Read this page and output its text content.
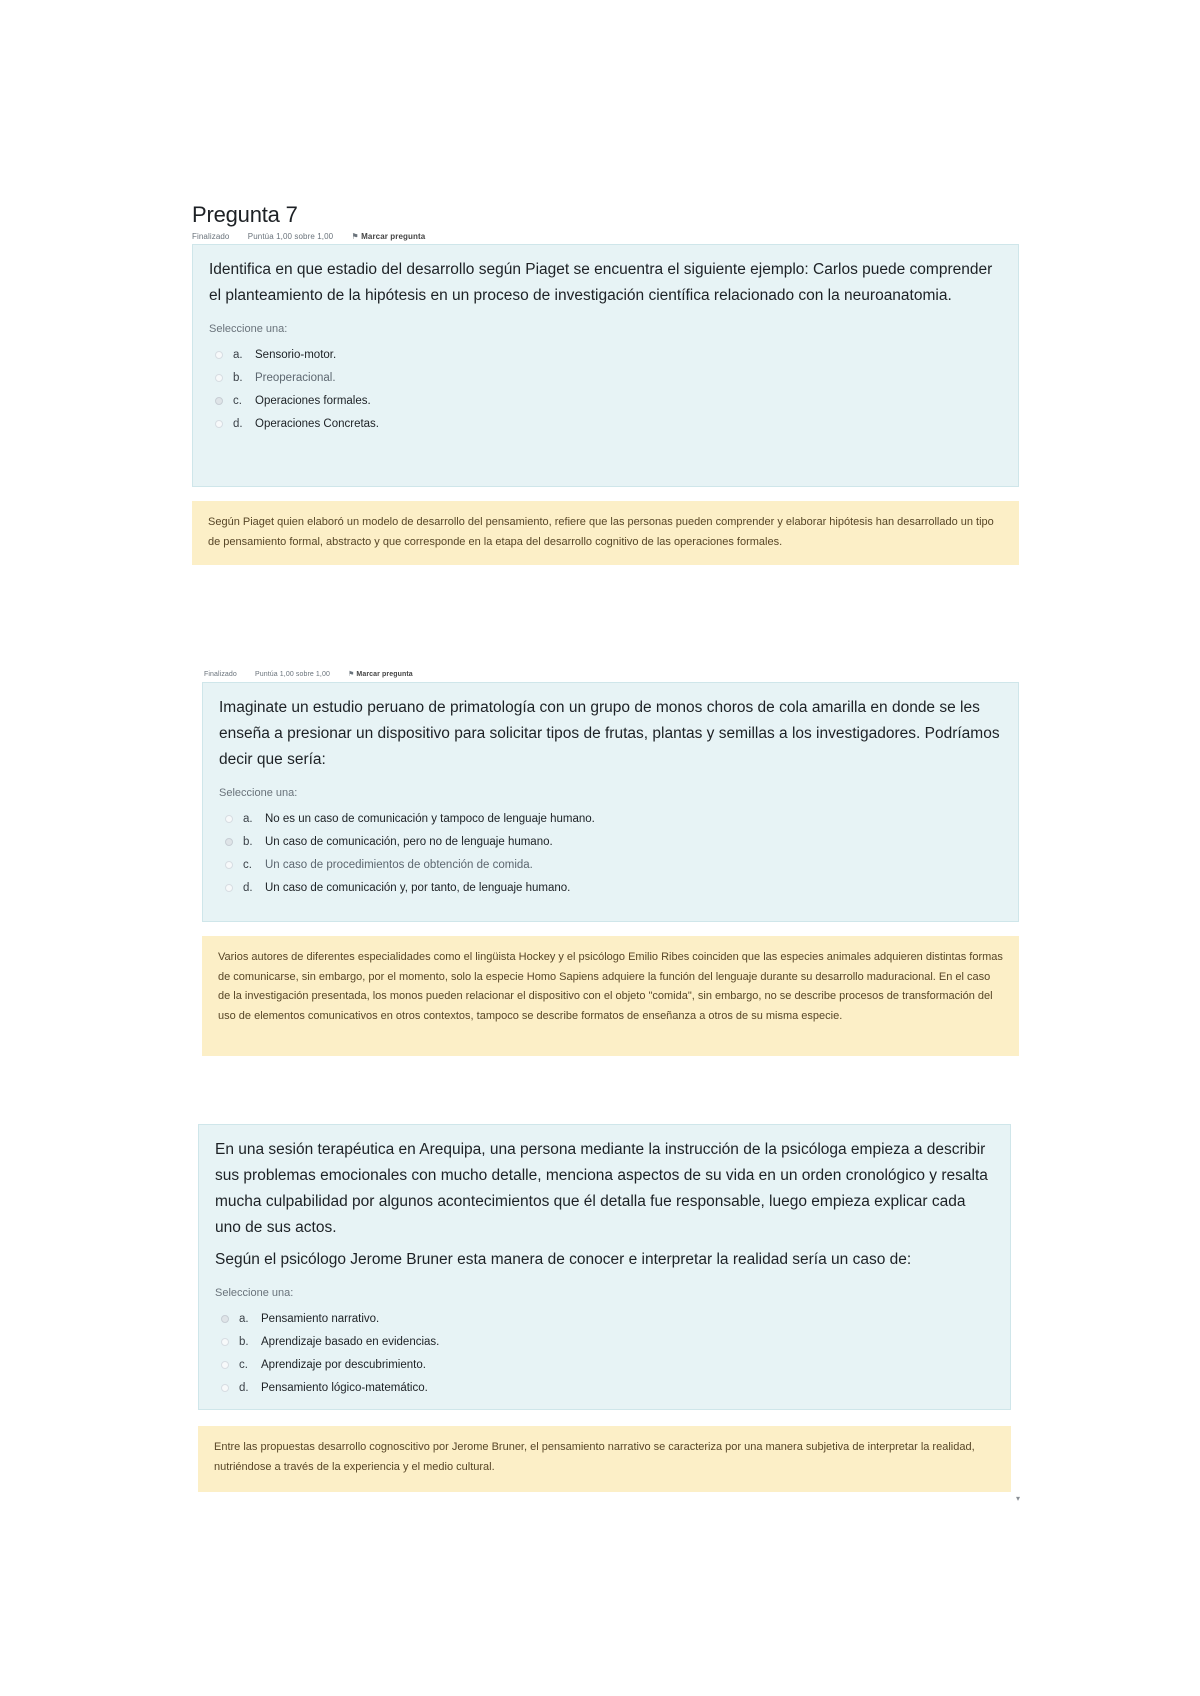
Pregunta 7
Finalizado Puntúa 1,00 sobre 1,00 ⚑ Marcar pregunta

Identifica en que estadio del desarrollo según Piaget se encuentra el siguiente ejemplo: Carlos puede comprender el planteamiento de la hipótesis en un proceso de investigación científica relacionado con la neuroanatomia.

Seleccione una:
a.	Sensorio-motor.
b.	Preoperacional.
c.	Operaciones formales.
d.	Operaciones Concretas.
Según Piaget quien elaboró un modelo de desarrollo del pensamiento, refiere que las personas pueden comprender y elaborar hipótesis han desarrollado un tipo de pensamiento formal, abstracto y que corresponde en la etapa del desarrollo cognitivo de las operaciones formales.
Finalizado	Puntúa 1,00 sobre 1,00	⚑ Marcar pregunta

Imaginate un estudio peruano de primatología con un grupo de monos choros de cola amarilla en donde se les enseña a presionar un dispositivo para solicitar tipos de frutas, plantas y semillas a los investigadores. Podríamos decir que sería:

Seleccione una:
a.	No es un caso de comunicación y tampoco de lenguaje humano.
b.	Un caso de comunicación, pero no de lenguaje humano.
c.	Un caso de procedimientos de obtención de comida.
d.	Un caso de comunicación y, por tanto, de lenguaje humano.
Varios autores de diferentes especialidades como el lingüista Hockey y el psicólogo Emilio Ribes coinciden que las especies animales adquieren distintas formas de comunicarse, sin embargo, por el momento, solo la especie Homo Sapiens adquiere la función del lenguaje durante su desarrollo maduracional. En el caso de la investigación presentada, los monos pueden relacionar el dispositivo con el objeto "comida", sin embargo, no se describe procesos de transformación del uso de elementos comunicativos en otros contextos, tampoco se describe formatos de enseñanza a otros de su misma especie.

En una sesión terapéutica en Arequipa, una persona mediante la instrucción de la psicóloga empieza a describir sus problemas emocionales con mucho detalle, menciona aspectos de su vida en un orden cronológico y resalta mucha culpabilidad por algunos acontecimientos que él detalla fue responsable, luego empieza explicar cada uno de sus actos.

Según el psicólogo Jerome Bruner esta manera de conocer e interpretar la realidad sería un caso de:

Seleccione una:
a.	Pensamiento narrativo.
b.	Aprendizaje basado en evidencias.
c.	Aprendizaje por descubrimiento.
d.	Pensamiento lógico-matemático.
Entre las propuestas desarrollo cognoscitivo por Jerome Bruner, el pensamiento narrativo se caracteriza por una manera subjetiva de interpretar la realidad, nutriéndose a través de la experiencia y el medio cultural.
▾
